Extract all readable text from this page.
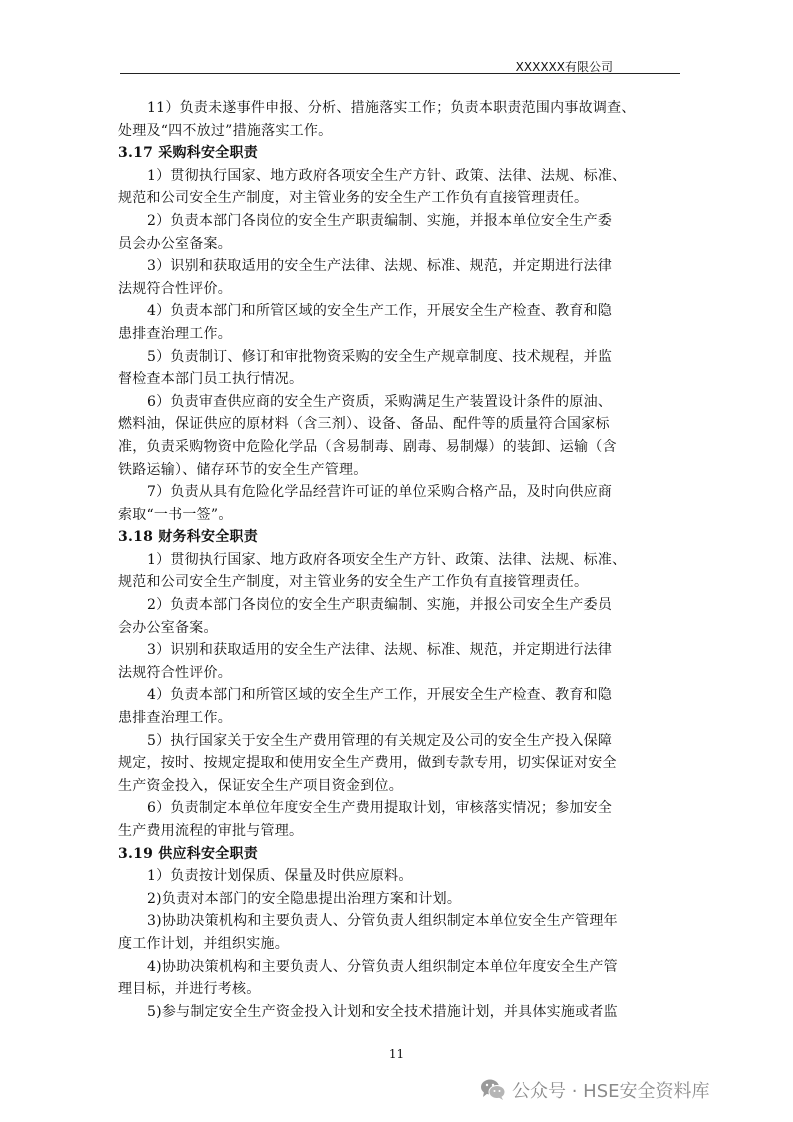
XXXXXX有限公司
11）负责未遂事件申报、分析、措施落实工作；负责本职责范围内事故调查、
处理及“四不放过”措施落实工作。
3.17 采购科安全职责
1）贯彻执行国家、地方政府各项安全生产方针、政策、法律、法规、标准、
规范和公司安全生产制度，对主管业务的安全生产工作负有直接管理责任。
2）负责本部门各岗位的安全生产职责编制、实施，并报本单位安全生产委
员会办公室备案。
3）识别和获取适用的安全生产法律、法规、标准、规范，并定期进行法律
法规符合性评价。
4）负责本部门和所管区域的安全生产工作，开展安全生产检查、教育和隐
患排查治理工作。
5）负责制订、修订和审批物资采购的安全生产规章制度、技术规程，并监
督检查本部门员工执行情况。
6）负责审查供应商的安全生产资质，采购满足生产装置设计条件的原油、
燃料油，保证供应的原材料（含三剂）、设备、备品、配件等的质量符合国家标
准，负责采购物资中危险化学品（含易制毒、剧毒、易制爆）的装卸、运输（含
铁路运输）、储存环节的安全生产管理。
7）负责从具有危险化学品经营许可证的单位采购合格产品，及时向供应商
索取“一书一签”。
3.18 财务科安全职责
1）贯彻执行国家、地方政府各项安全生产方针、政策、法律、法规、标准、
规范和公司安全生产制度，对主管业务的安全生产工作负有直接管理责任。
2）负责本部门各岗位的安全生产职责编制、实施，并报公司安全生产委员
会办公室备案。
3）识别和获取适用的安全生产法律、法规、标准、规范，并定期进行法律
法规符合性评价。
4）负责本部门和所管区域的安全生产工作，开展安全生产检查、教育和隐
患排查治理工作。
5）执行国家关于安全生产费用管理的有关规定及公司的安全生产投入保障
规定，按时、按规定提取和使用安全生产费用，做到专款专用，切实保证对安全
生产资金投入，保证安全生产项目资金到位。
6）负责制定本单位年度安全生产费用提取计划，审核落实情况；参加安全
生产费用流程的审批与管理。
3.19 供应科安全职责
1）负责按计划保质、保量及时供应原料。
2)负责对本部门的安全隐患提出治理方案和计划。
3)协助决策机构和主要负责人、分管负责人组织制定本单位安全生产管理年
度工作计划，并组织实施。
4)协助决策机构和主要负责人、分管负责人组织制定本单位年度安全生产管
理目标，并进行考核。
5)参与制定安全生产资金投入计划和安全技术措施计划，并具体实施或者监
11
公众号 · HSE安全资料库
